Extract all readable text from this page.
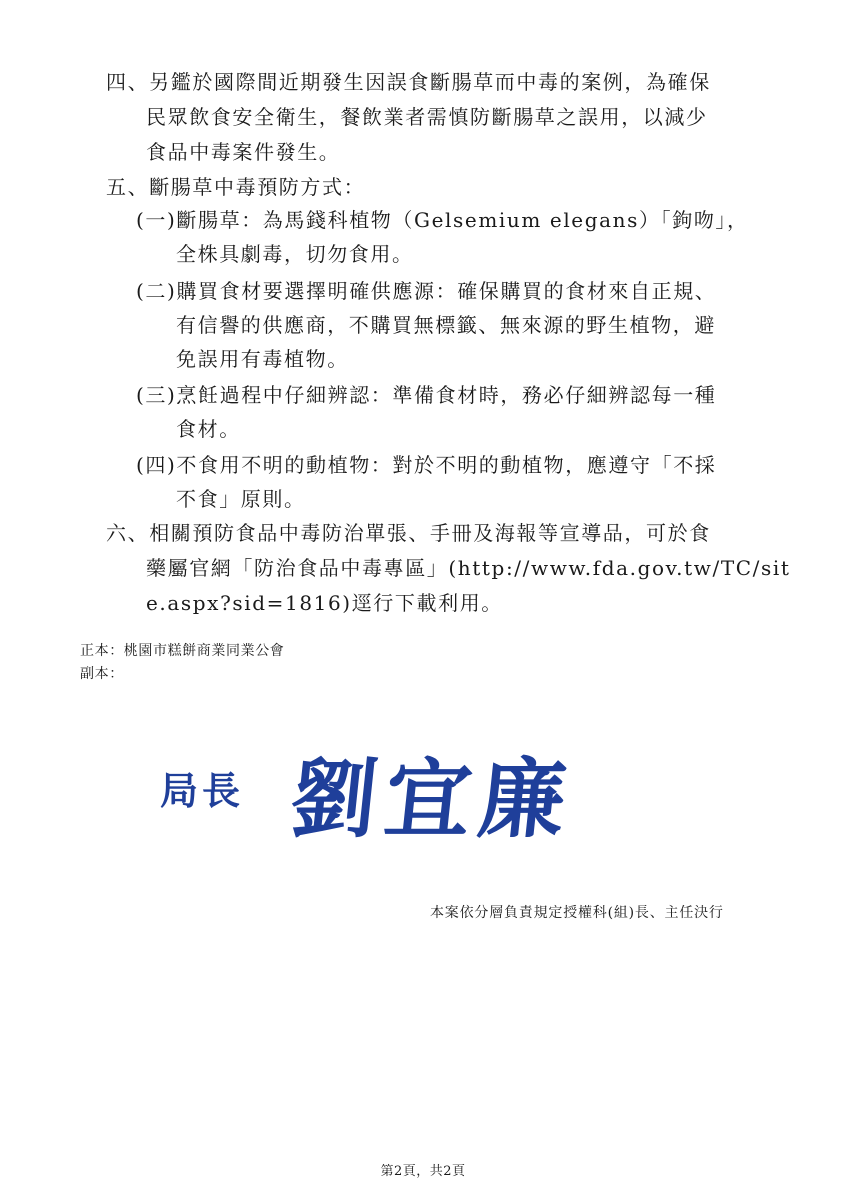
四、另鑑於國際間近期發生因誤食斷腸草而中毒的案例，為確保
民眾飲食安全衛生，餐飲業者需慎防斷腸草之誤用，以減少
食品中毒案件發生。
五、斷腸草中毒預防方式：
(一)斷腸草：為馬錢科植物（Gelsemium elegans）「鉤吻」，
全株具劇毒，切勿食用。
(二)購買食材要選擇明確供應源：確保購買的食材來自正規、
有信譽的供應商，不購買無標籤、無來源的野生植物，避
免誤用有毒植物。
(三)烹飪過程中仔細辨認：準備食材時，務必仔細辨認每一種
食材。
(四)不食用不明的動植物：對於不明的動植物，應遵守「不採
不食」原則。
六、相關預防食品中毒防治單張、手冊及海報等宣導品，可於食
藥屬官網「防治食品中毒專區」(http://www.fda.gov.tw/TC/sit
e.aspx?sid=1816)逕行下載利用。
正本：桃園市糕餅商業同業公會
副本：
局長 劉宜廉
本案依分層負責規定授權科(組)長、主任決行
第2頁，共2頁
